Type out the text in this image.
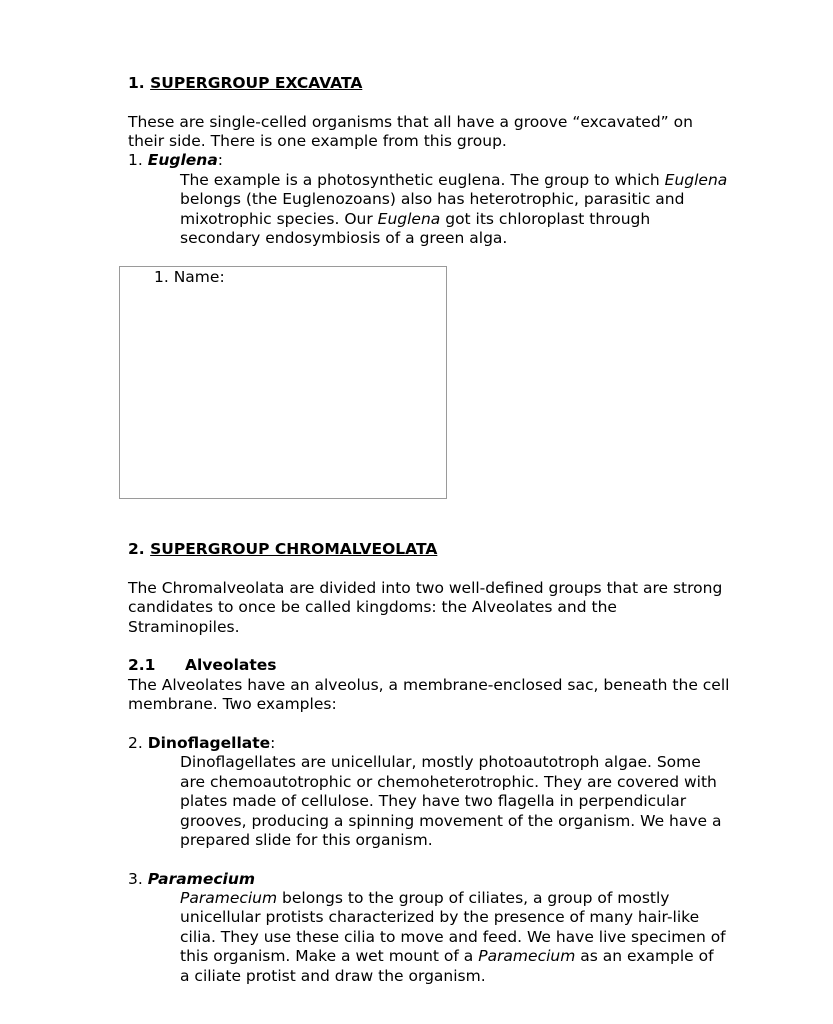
1. SUPERGROUP EXCAVATA
These are single-celled organisms that all have a groove “excavated” on
their side. There is one example from this group.
1. Euglena:
The example is a photosynthetic euglena. The group to which Euglena
belongs (the Euglenozoans) also has heterotrophic, parasitic and
mixotrophic species. Our Euglena got its chloroplast through
secondary endosymbiosis of a green alga.
1. Name:
2. SUPERGROUP CHROMALVEOLATA
The Chromalveolata are divided into two well-defined groups that are strong
candidates to once be called kingdoms: the Alveolates and the
Straminopiles.
2.1 Alveolates
The Alveolates have an alveolus, a membrane-enclosed sac, beneath the cell
membrane. Two examples:
2. Dinoflagellate:
Dinoflagellates are unicellular, mostly photoautotroph algae. Some
are chemoautotrophic or chemoheterotrophic. They are covered with
plates made of cellulose. They have two flagella in perpendicular
grooves, producing a spinning movement of the organism. We have a
prepared slide for this organism.
3. Paramecium
Paramecium belongs to the group of ciliates, a group of mostly
unicellular protists characterized by the presence of many hair-like
cilia. They use these cilia to move and feed. We have live specimen of
this organism. Make a wet mount of a Paramecium as an example of
a ciliate protist and draw the organism.
